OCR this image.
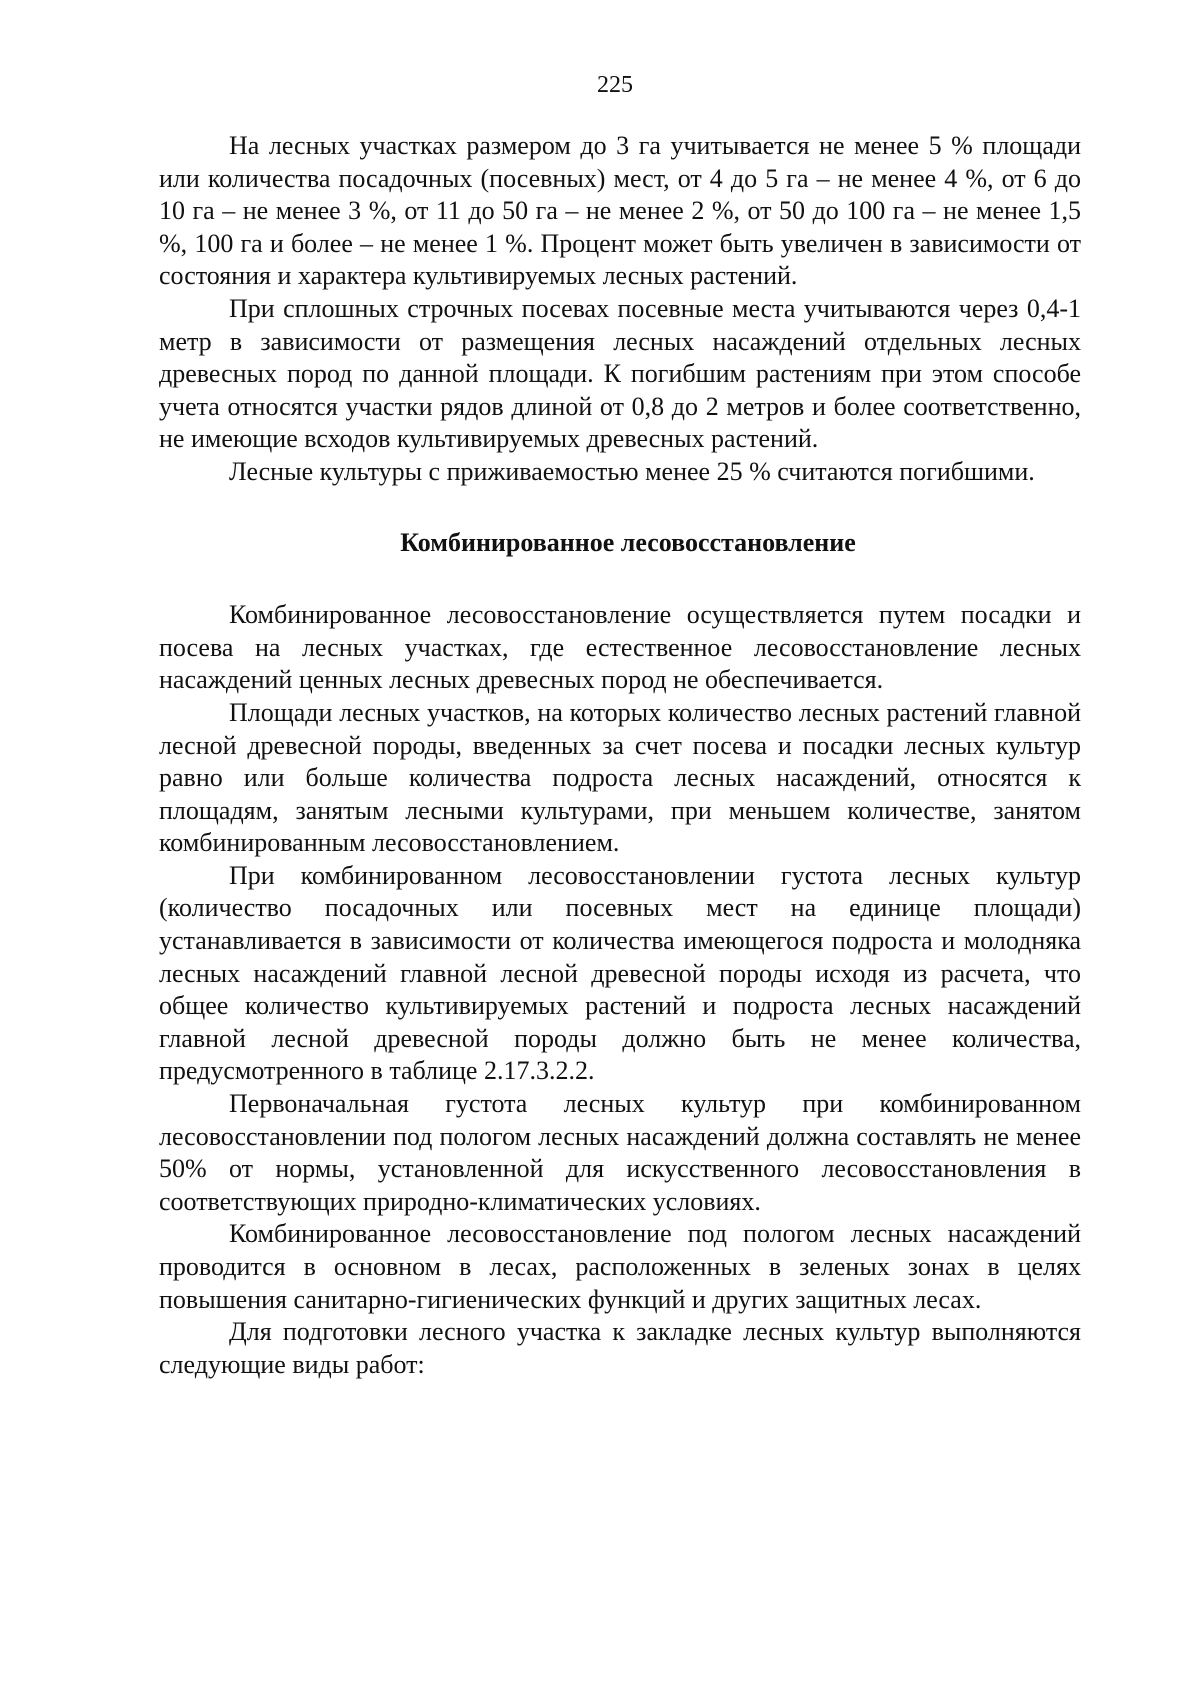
225

На лесных участках размером до 3 га учитывается не менее 5 % площади или количества посадочных (посевных) мест, от 4 до 5 га – не менее 4 %, от 6 до 10 га – не менее 3 %, от 11 до 50 га – не менее 2 %, от 50 до 100 га – не менее 1,5 %, 100 га и более – не менее 1 %. Процент может быть увеличен в зависимости от состояния и характера культивируемых лесных растений.

При сплошных строчных посевах посевные места учитываются через 0,4-1 метр в зависимости от размещения лесных насаждений отдельных лесных древесных пород по данной площади. К погибшим растениям при этом способе учета относятся участки рядов длиной от 0,8 до 2 метров и более соответственно, не имеющие всходов культивируемых древесных растений.

Лесные культуры с приживаемостью менее 25 % считаются погибшими.

Комбинированное лесовосстановление

Комбинированное лесовосстановление осуществляется путем посадки и посева на лесных участках, где естественное лесовосстановление лесных насаждений ценных лесных древесных пород не обеспечивается.

Площади лесных участков, на которых количество лесных растений главной лесной древесной породы, введенных за счет посева и посадки лесных культур равно или больше количества подроста лесных насаждений, относятся к площадям, занятым лесными культурами, при меньшем количестве, занятом комбинированным лесовосстановлением.

При комбинированном лесовосстановлении густота лесных культур (количество посадочных или посевных мест на единице площади) устанавливается в зависимости от количества имеющегося подроста и молодняка лесных насаждений главной лесной древесной породы исходя из расчета, что общее количество культивируемых растений и подроста лесных насаждений главной лесной древесной породы должно быть не менее количества, предусмотренного в таблице 2.17.3.2.2.

Первоначальная густота лесных культур при комбинированном лесовосстановлении под пологом лесных насаждений должна составлять не менее 50% от нормы, установленной для искусственного лесовосстановления в соответствующих природно-климатических условиях.

Комбинированное лесовосстановление под пологом лесных насаждений проводится в основном в лесах, расположенных в зеленых зонах в целях повышения санитарно-гигиенических функций и других защитных лесах.

Для подготовки лесного участка к закладке лесных культур выполняются следующие виды работ:
